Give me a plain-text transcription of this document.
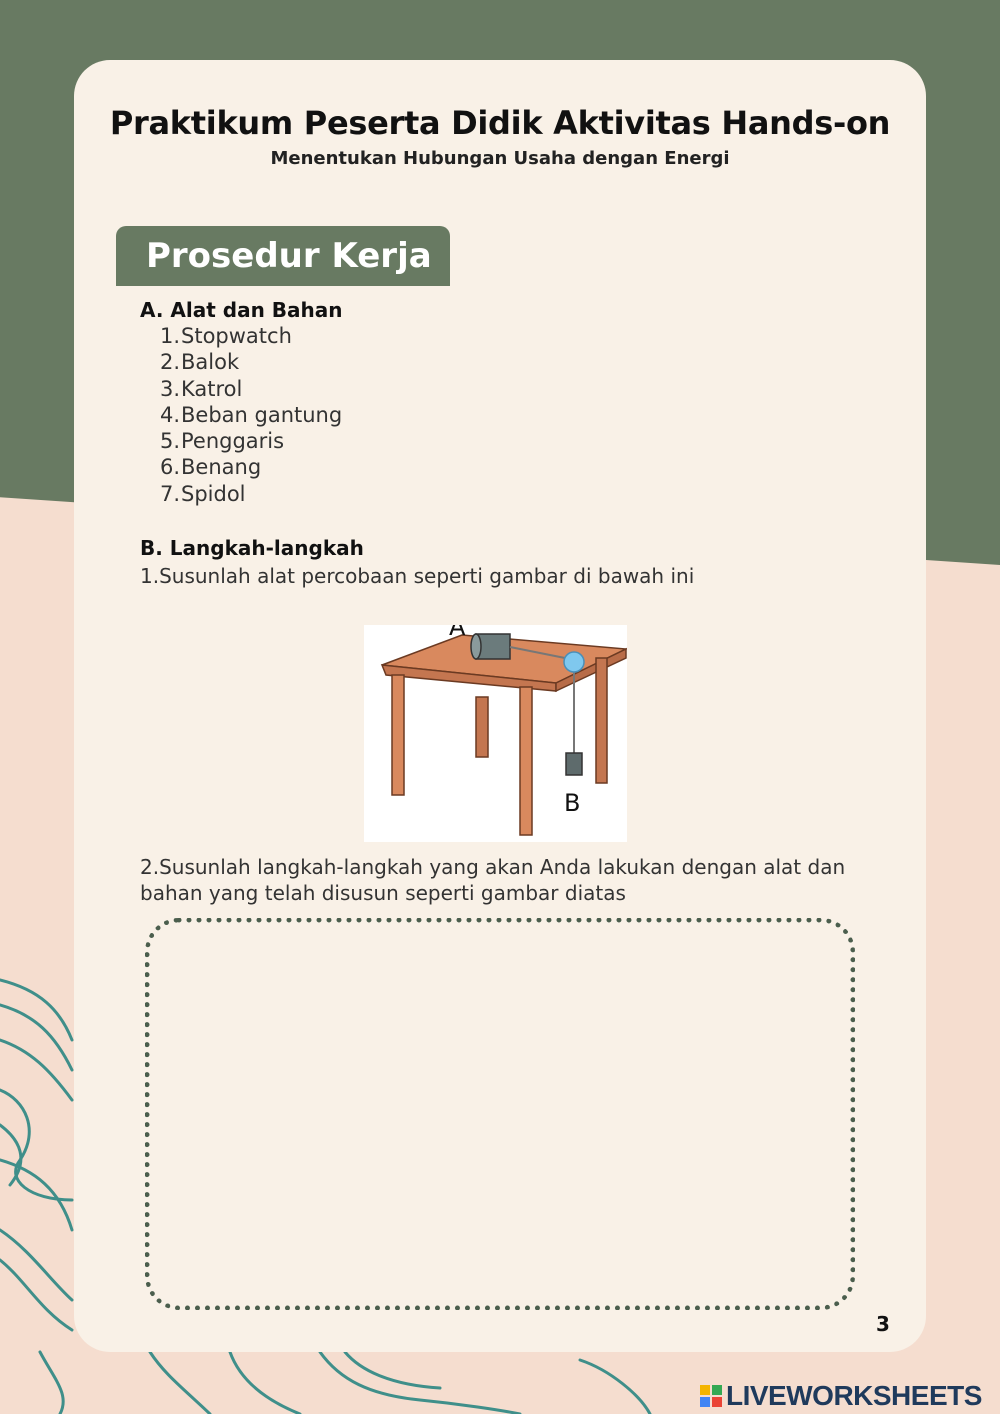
Praktikum Peserta Didik Aktivitas Hands-on
Menentukan Hubungan Usaha dengan Energi
Prosedur Kerja
A. Alat dan Bahan
1. Stopwatch
2. Balok
3. Katrol
4. Beban gantung
5. Penggaris
6. Benang
7. Spidol
B. Langkah-langkah

1.Susunlah alat percobaan seperti gambar di bawah ini

A
B

2.Susunlah langkah-langkah yang akan Anda lakukan dengan alat dan

bahan yang telah disusun seperti gambar diatas

3
LIVEWORKSHEETS
